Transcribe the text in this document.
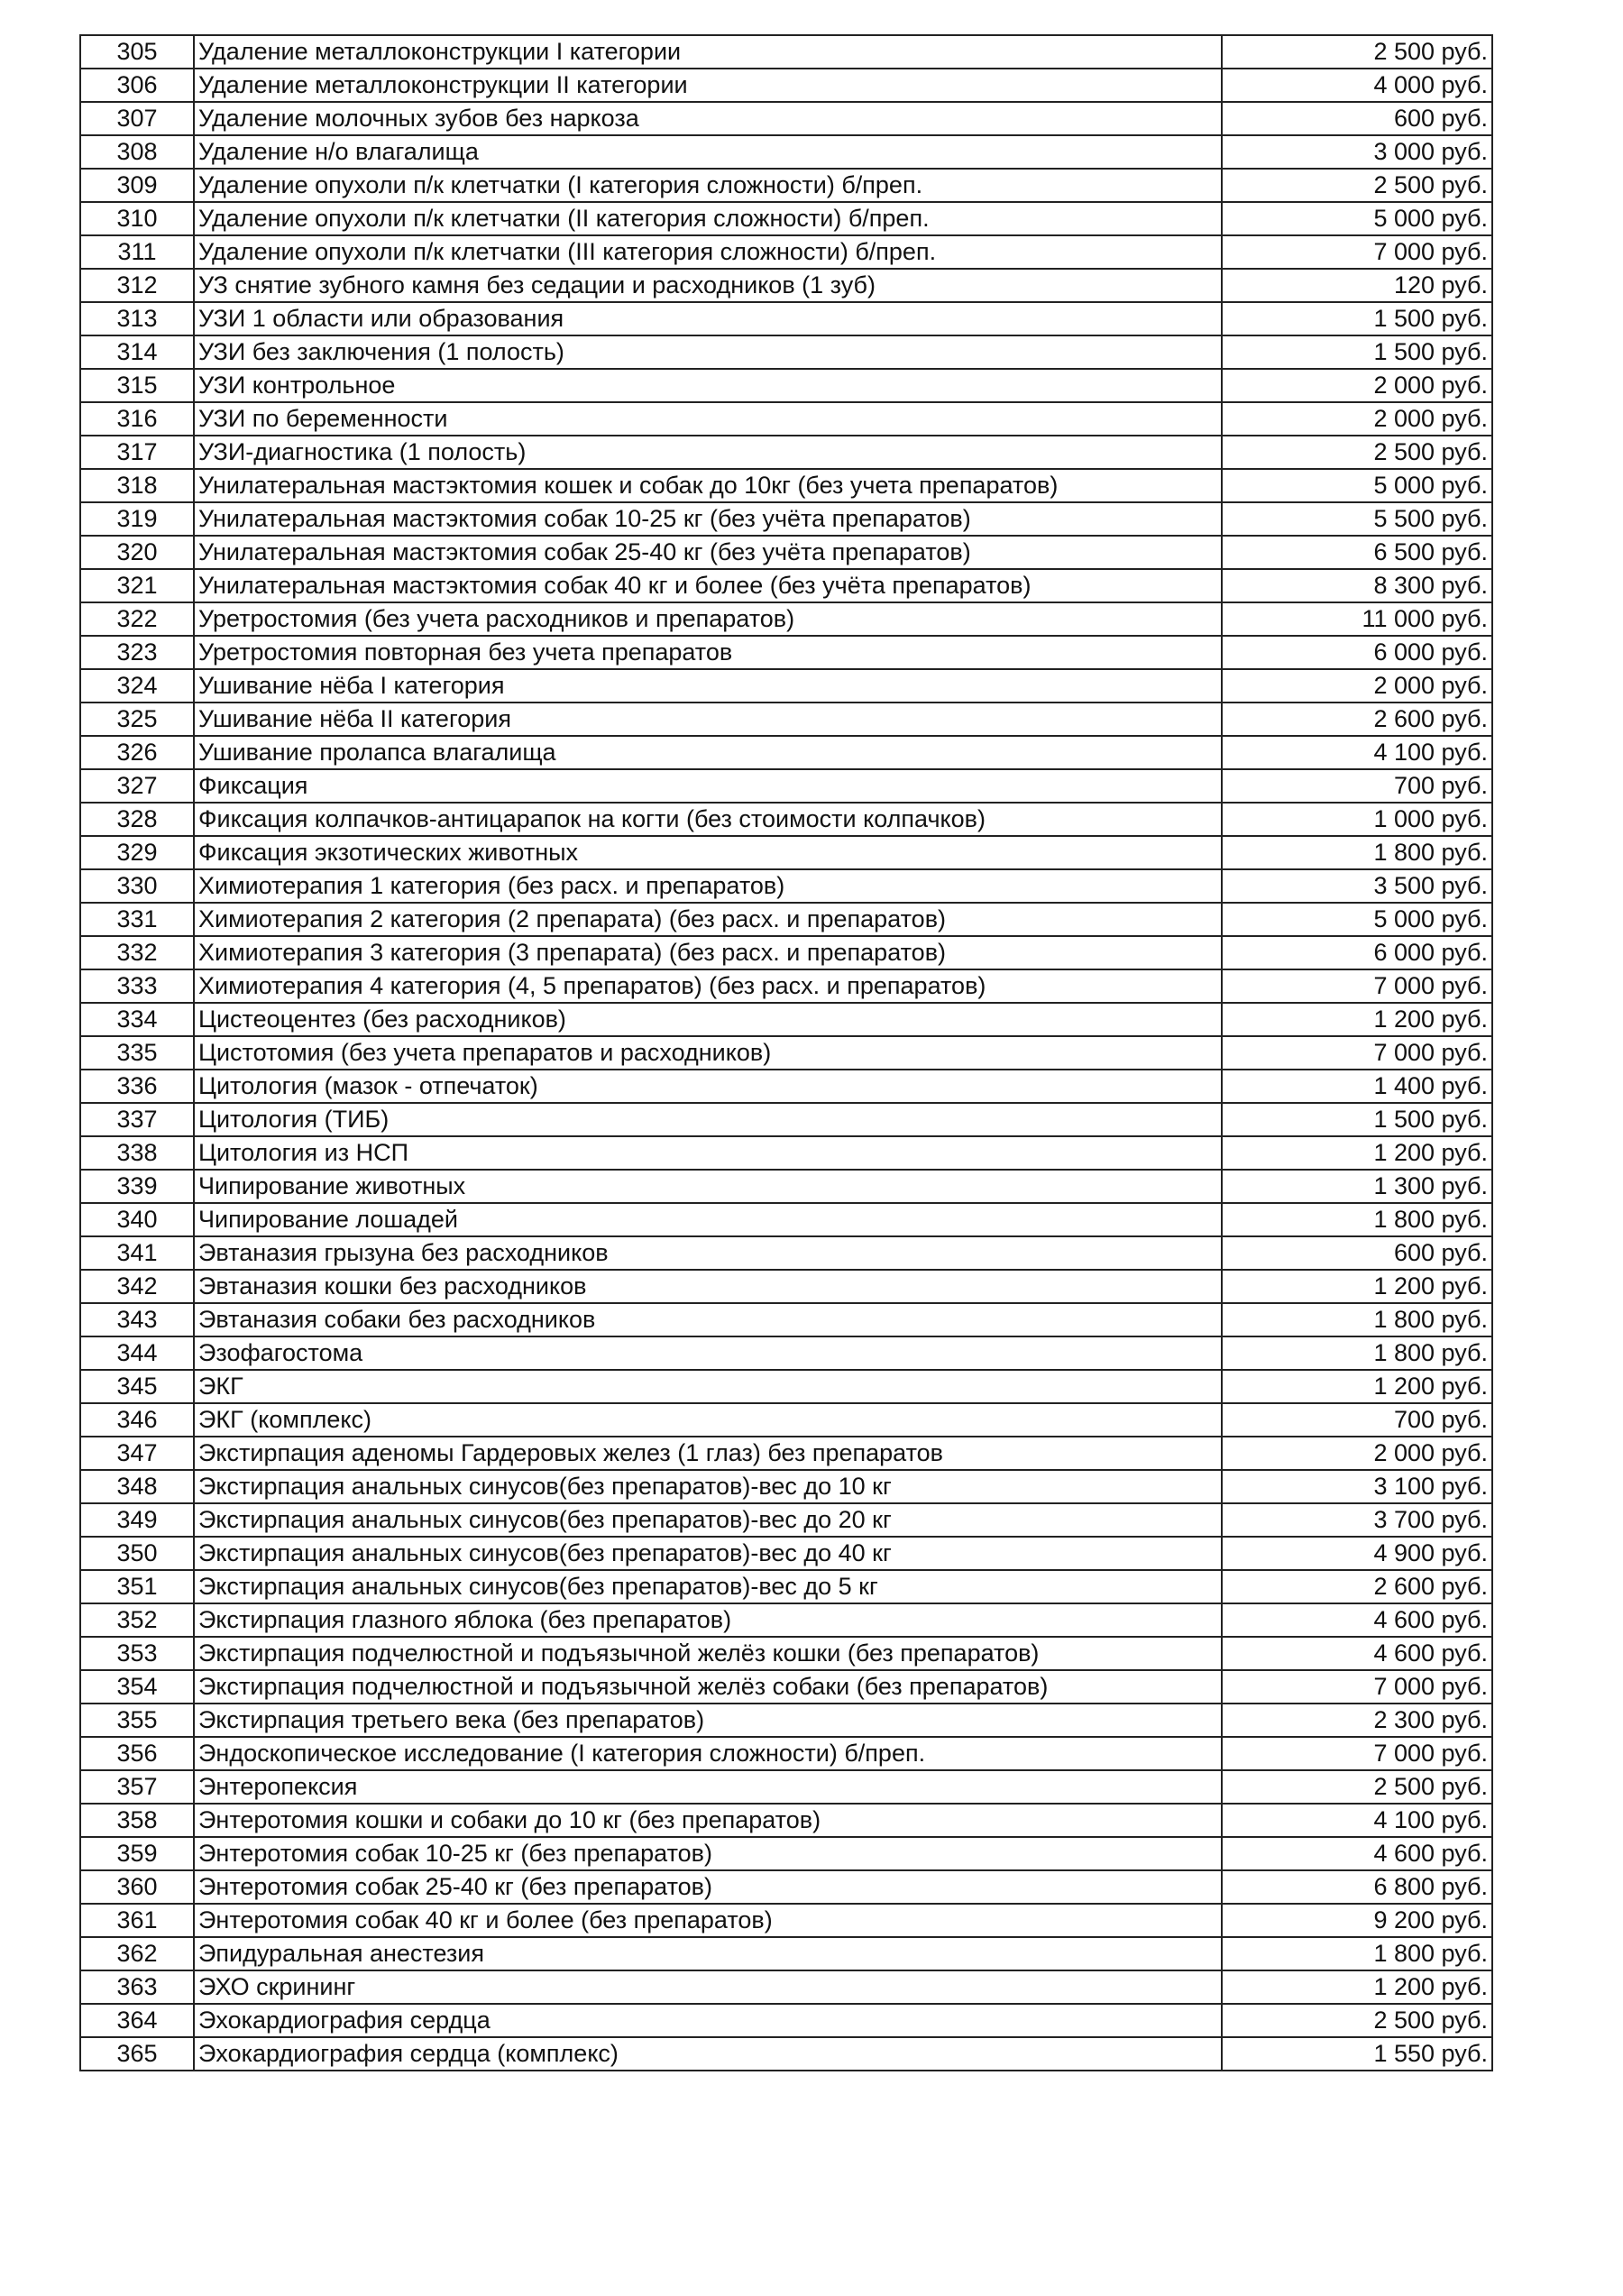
305	Удаление металлоконструкции I категории	2 500 руб.
306	Удаление металлоконструкции II категории	4 000 руб.
307	Удаление молочных зубов без наркоза	600 руб.
308	Удаление н/о влагалища	3 000 руб.
309	Удаление опухоли п/к клетчатки (I категория сложности) б/преп.	2 500 руб.
310	Удаление опухоли п/к клетчатки (II категория сложности) б/преп.	5 000 руб.
311	Удаление опухоли п/к клетчатки (III категория сложности) б/преп.	7 000 руб.
312	УЗ снятие зубного камня без седации и расходников (1 зуб)	120 руб.
313	УЗИ 1 области или образования	1 500 руб.
314	УЗИ без заключения (1 полость)	1 500 руб.
315	УЗИ контрольное	2 000 руб.
316	УЗИ по беременности	2 000 руб.
317	УЗИ-диагностика (1 полость)	2 500 руб.
318	Унилатеральная мастэктомия кошек и собак до 10кг (без учета препаратов)	5 000 руб.
319	Унилатеральная мастэктомия собак 10-25 кг (без учёта препаратов)	5 500 руб.
320	Унилатеральная мастэктомия собак 25-40 кг (без учёта препаратов)	6 500 руб.
321	Унилатеральная мастэктомия собак 40 кг и более (без учёта препаратов)	8 300 руб.
322	Уретростомия (без учета расходников и препаратов)	11 000 руб.
323	Уретростомия повторная без учета препаратов	6 000 руб.
324	Ушивание нёба I категория	2 000 руб.
325	Ушивание нёба II категория	2 600 руб.
326	Ушивание пролапса влагалища	4 100 руб.
327	Фиксация	700 руб.
328	Фиксация колпачков-антицарапок на когти (без стоимости колпачков)	1 000 руб.
329	Фиксация экзотических животных	1 800 руб.
330	Химиотерапия 1 категория (без расх. и препаратов)	3 500 руб.
331	Химиотерапия 2 категория (2 препарата) (без расх. и препаратов)	5 000 руб.
332	Химиотерапия 3 категория (3 препарата) (без расх. и препаратов)	6 000 руб.
333	Химиотерапия 4 категория (4, 5 препаратов) (без расх. и препаратов)	7 000 руб.
334	Цистеоцентез (без расходников)	1 200 руб.
335	Цистотомия (без учета препаратов и расходников)	7 000 руб.
336	Цитология (мазок - отпечаток)	1 400 руб.
337	Цитология (ТИБ)	1 500 руб.
338	Цитология из НСП	1 200 руб.
339	Чипирование животных	1 300 руб.
340	Чипирование лошадей	1 800 руб.
341	Эвтаназия грызуна без расходников	600 руб.
342	Эвтаназия кошки без расходников	1 200 руб.
343	Эвтаназия собаки без расходников	1 800 руб.
344	Эзофагостома	1 800 руб.
345	ЭКГ	1 200 руб.
346	ЭКГ (комплекс)	700 руб.
347	Экстирпация аденомы Гардеровых желез (1 глаз) без препаратов	2 000 руб.
348	Экстирпация анальных синусов(без препаратов)-вес до 10 кг	3 100 руб.
349	Экстирпация анальных синусов(без препаратов)-вес до 20 кг	3 700 руб.
350	Экстирпация анальных синусов(без препаратов)-вес до 40 кг	4 900 руб.
351	Экстирпация анальных синусов(без препаратов)-вес до 5 кг	2 600 руб.
352	Экстирпация глазного яблока (без препаратов)	4 600 руб.
353	Экстирпация подчелюстной и подъязычной желёз кошки (без препаратов)	4 600 руб.
354	Экстирпация подчелюстной и подъязычной желёз собаки (без препаратов)	7 000 руб.
355	Экстирпация третьего века (без препаратов)	2 300 руб.
356	Эндоскопическое исследование (I категория сложности) б/преп.	7 000 руб.
357	Энтеропексия	2 500 руб.
358	Энтеротомия кошки и собаки до 10 кг (без препаратов)	4 100 руб.
359	Энтеротомия собак 10-25 кг (без препаратов)	4 600 руб.
360	Энтеротомия собак 25-40 кг (без препаратов)	6 800 руб.
361	Энтеротомия собак 40 кг и более (без препаратов)	9 200 руб.
362	Эпидуральная анестезия	1 800 руб.
363	ЭХО скрининг	1 200 руб.
364	Эхокардиография сердца	2 500 руб.
365	Эхокардиография сердца (комплекс)	1 550 руб.
